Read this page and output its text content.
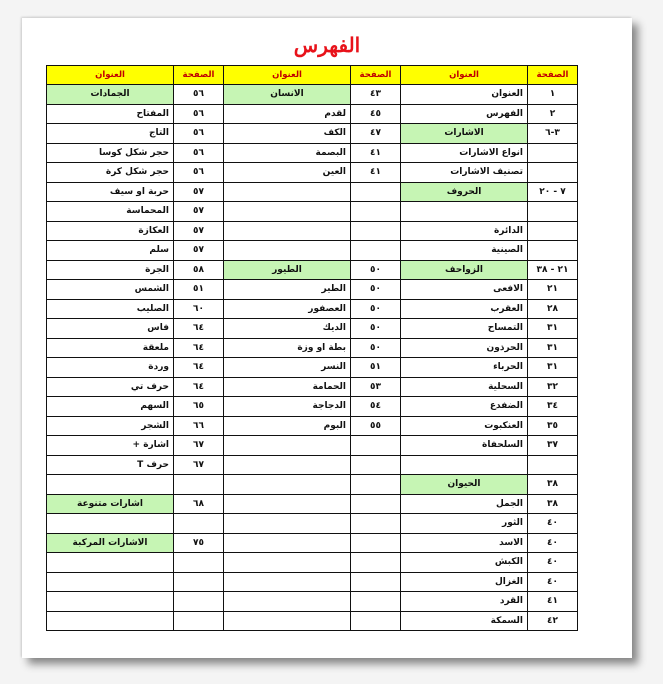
الفهرس
العنوان	الصفحة	العنوان	الصفحة	العنوان	الصفحة
الجمادات	٥٦	الانسان	٤٣	العنوان	١
المفتاح	٥٦	لقدم	٤٥	الفهرس	٢
التاج	٥٦	الكف	٤٧	الاشارات	٣-٦
حجر شكل كوسا	٥٦	البصمة	٤١	انواع الاشارات	
حجر شكل كرة	٥٦	العين	٤١	تصنيف الاشارات	
حربة او سيف	٥٧			الحروف	٧ - ٢٠
المحماسة	٥٧				
العكازة	٥٧			الدائرة	
سلم	٥٧			الصينية	
الجرة	٥٨	الطيور	٥٠	الزواحف	٢١ - ٣٨
الشمس	٥١	الطير	٥٠	الافعى	٢١
الصليب	٦٠	العصفور	٥٠	العقرب	٢٨
فاس	٦٤	الديك	٥٠	التمساح	٣١
ملعقة	٦٤	بطة او وزة	٥٠	الحرذون	٣١
وردة	٦٤	النسر	٥١	الحرباء	٣١
حرف تي	٦٤	الحمامة	٥٣	السحلية	٣٢
السهم	٦٥	الدجاجة	٥٤	الضفدع	٣٤
الشجر	٦٦	البوم	٥٥	العنكبوت	٣٥
اشارة +	٦٧			السلحفاة	٣٧
حرف T	٦٧				
				الحيوان	٣٨
اشارات متنوعة	٦٨			الجمل	٣٨
				الثور	٤٠
الاشارات المركبة	٧٥			الاسد	٤٠
				الكبش	٤٠
				الغزال	٤٠
				القرد	٤١
				السمكة	٤٢
